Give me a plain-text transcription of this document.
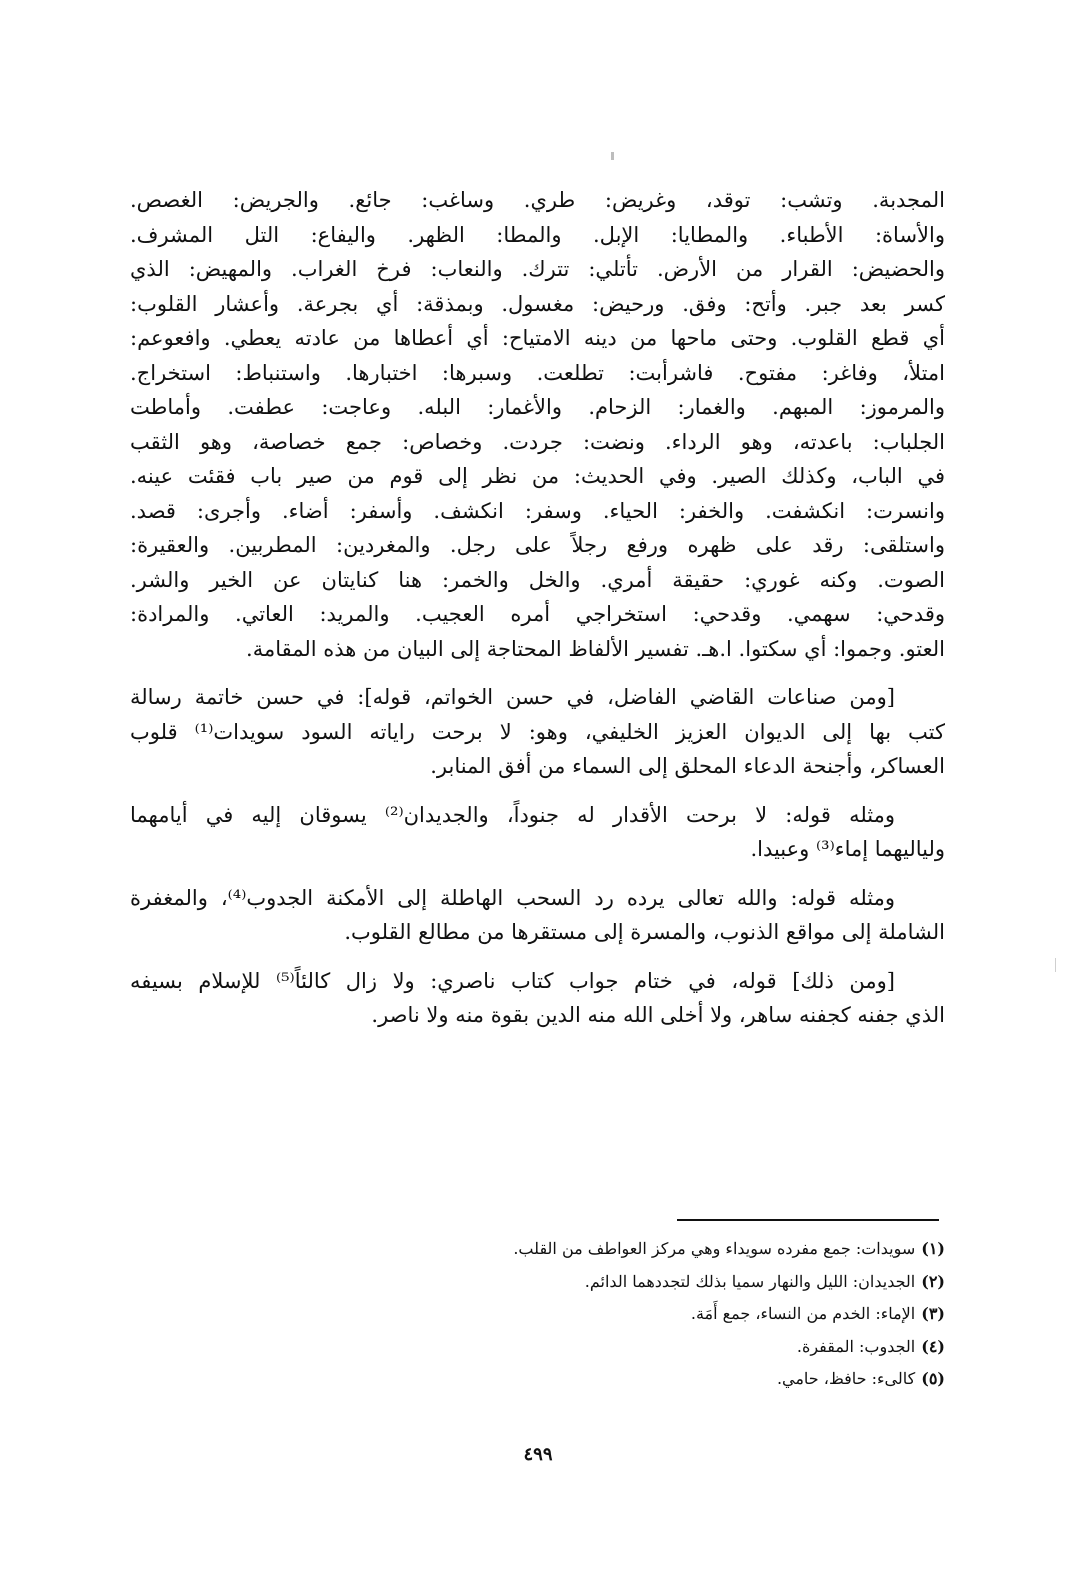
المجدبة. وتشب: توقد، وغريض: طري. وساغب: جائع. والجريض: الغصص.
والأساة: الأطباء. والمطايا: الإبل. والمطا: الظهر. واليفاع: التل المشرف.
والحضيض: القرار من الأرض. تأتلي: تترك. والنعاب: فرخ الغراب. والمهيض: الذي
كسر بعد جبر. وأتح: وفق. ورحيض: مغسول. وبمذقة: أي بجرعة. وأعشار القلوب:
أي قطع القلوب. وحتى ماحها من دينه الامتياح: أي أعطاها من عادته يعطي. وافعوعم:
امتلأ، وفاغر: مفتوح. فاشرأبت: تطلعت. وسبرها: اختبارها. واستنباط: استخراج.
والمرموز: المبهم. والغمار: الزحام. والأغمار: البله. وعاجت: عطفت. وأماطت
الجلباب: باعدته، وهو الرداء. ونضت: جردت. وخصاص: جمع خصاصة، وهو الثقب
في الباب، وكذلك الصير. وفي الحديث: من نظر إلى قوم من صير باب فقئت عينه.
وانسرت: انكشفت. والخفر: الحياء. وسفر: انكشف. وأسفر: أضاء. وأجرى: قصد.
واستلقى: رقد على ظهره ورفع رجلاً على رجل. والمغردين: المطربين. والعقيرة:
الصوت. وكنه غوري: حقيقة أمري. والخل والخمر: هنا كنايتان عن الخير والشر.
وقدحي: سهمي. وقدحي: استخراجي أمره العجيب. والمريد: العاتي. والمرادة:
العتو. وجموا: أي سكتوا. ا.هـ. تفسير الألفاظ المحتاجة إلى البيان من هذه المقامة.
[ومن صناعات القاضي الفاضل، في حسن الخواتم، قوله]: في حسن خاتمة رسالة
كتب بها إلى الديوان العزيز الخليفي، وهو: لا برحت راياته السود سويدات⁽¹⁾ قلوب
العساكر، وأجنحة الدعاء المحلق إلى السماء من أفق المنابر.
ومثله قوله: لا برحت الأقدار له جنوداً، والجديدان⁽²⁾ يسوقان إليه في أيامهما
ولياليهما إماء⁽³⁾ وعبيدا.
ومثله قوله: والله تعالى يرده رد السحب الهاطلة إلى الأمكنة الجدوب⁽⁴⁾، والمغفرة
الشاملة إلى مواقع الذنوب، والمسرة إلى مستقرها من مطالع القلوب.
[ومن ذلك] قوله، في ختام جواب كتاب ناصري: ولا زال كالئاً⁽⁵⁾ للإسلام بسيفه
الذي جفنه كجفنه ساهر، ولا أخلى الله منه الدين بقوة منه ولا ناصر.
(١)سويدات: جمع مفرده سويداء وهي مركز العواطف من القلب.
(٢)الجديدان: الليل والنهار سميا بذلك لتجددهما الدائم.
(٣)الإماء: الخدم من النساء، جمع أَمَة.
(٤)الجدوب: المقفرة.
(٥)كالىء: حافظ، حامي.
٤٩٩
